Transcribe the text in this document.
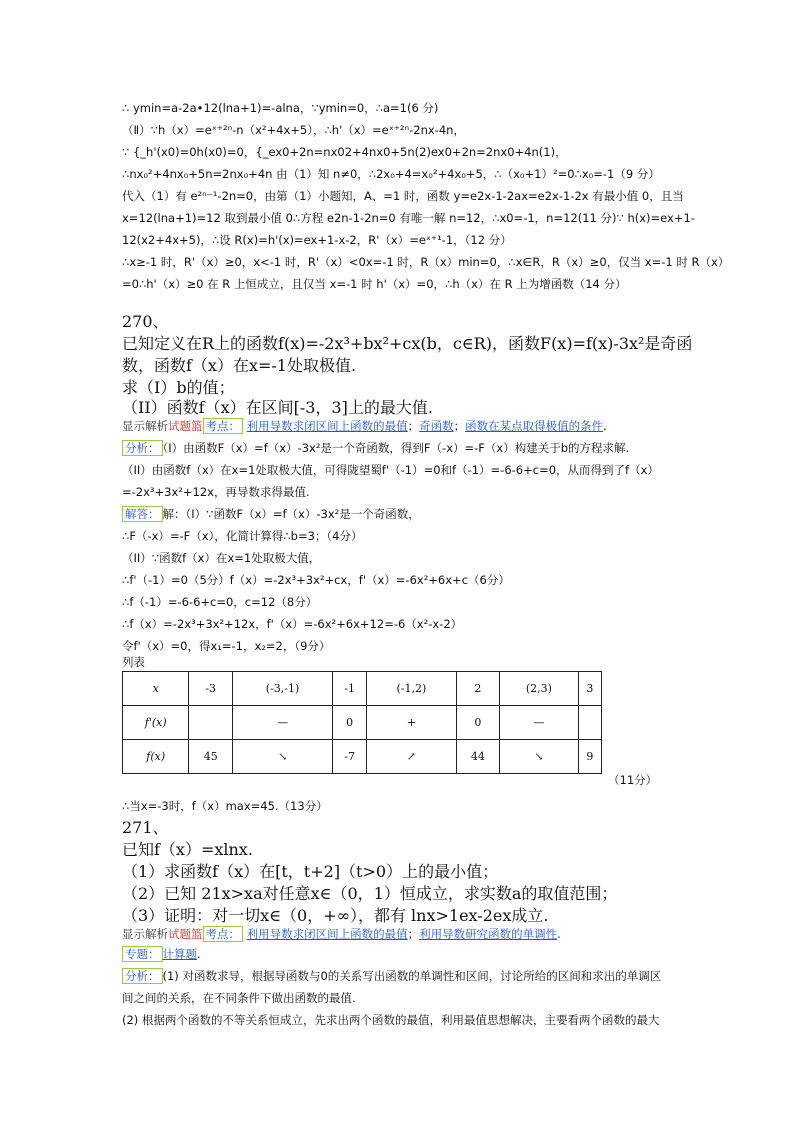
∴ ymin=a-2a•12(lna+1)=-alna，∵ymin=0，∴a=1(6 分)
（Ⅱ）∵h（x）=eˣ⁺²ⁿ-n（x²+4x+5），∴h'（x）=eˣ⁺²ⁿ-2nx-4n，
∵ {_h'(x0)=0h(x0)=0，{_ex0+2n=nx02+4nx0+5n(2)ex0+2n=2nx0+4n(1)，
∴nx₀²+4nx₀+5n=2nx₀+4n 由（1）知 n≠0，∴2x₀+4=x₀²+4x₀+5，∴（x₀+1）²=0∴x₀=-1（9 分）
代入（1）有 e²ⁿ⁻¹-2n=0，由第（1）小题知，A、=1 时，函数 y=e2x-1-2ax=e2x-1-2x 有最小值 0，且当
x=12(lna+1)=12 取到最小值 0∴方程 e2n-1-2n=0 有唯一解 n=12，∴x0=-1，n=12(11 分)∵ h(x)=ex+1-
12(x2+4x+5)，∴设 R(x)=h'(x)=ex+1-x-2，R'（x）=eˣ⁺¹-1，（12 分）
∴x≥-1 时，R'（x）≥0，x<-1 时，R'（x）<0x=-1 时，R（x）min=0，∴x∈R，R（x）≥0，仅当 x=-1 时 R（x）
=0∴h'（x）≥0 在 R 上恒成立，且仅当 x=-1 时 h'（x）=0，∴h（x）在 R 上为增函数（14 分）
270、
已知定义在R上的函数f(x)=-2x³+bx²+cx(b，c∈R)，函数F(x)=f(x)-3x²是奇函
数，函数f（x）在x=-1处取极值.
求（I）b的值；
（II）函数f（x）在区间[-3，3]上的最大值.
显示解析试题篮 考点： 利用导数求闭区间上函数的最值；奇函数；函数在某点取得极值的条件.
分析： （I）由函数F（x）=f（x）-3x²是一个奇函数，得到F（-x）=-F（x）构建关于b的方程求解.
（II）由函数f（x）在x=1处取极大值，可得陇望蜀f'（-1）=0和f（-1）=-6-6+c=0，从而得到了f（x）
=-2x³+3x²+12x，再导数求得最值.
解答： 解：（I）∵函数F（x）=f（x）-3x²是一个奇函数，
∴F（-x）=-F（x），化简计算得∴b=3；（4分）
（II）∵函数f（x）在x=1处取极大值，
∴f'（-1）=0（5分）f（x）=-2x³+3x²+cx，f'（x）=-6x²+6x+c（6分）
∴f（-1）=-6-6+c=0，c=12（8分）
∴f（x）=-2x³+3x²+12x，f'（x）=-6x²+6x+12=-6（x²-x-2）
令f'（x）=0，得x₁=-1，x₂=2，（9分）
列表
x	-3	(-3,-1)	-1	(-1,2)	2	(2,3)	3
f'(x)		—	0	+	0	—	
f(x)	45	↘	-7	↗	44	↘	9
（11分）
∴当x=-3时，f（x）max=45.（13分）
271、
已知f（x）=xlnx.
（1）求函数f（x）在[t，t+2]（t>0）上的最小值；
（2）已知 21x>xa对任意x∈（0，1）恒成立，求实数a的取值范围；
（3）证明：对一切x∈（0，+∞），都有 lnx>1ex-2ex成立.
显示解析试题篮 考点： 利用导数求闭区间上函数的最值；利用导数研究函数的单调性.
专题： 计算题.
分析： (1) 对函数求导，根据导函数与0的关系写出函数的单调性和区间，讨论所给的区间和求出的单调区
间之间的关系，在不同条件下做出函数的最值.
(2) 根据两个函数的不等关系恒成立，先求出两个函数的最值，利用最值思想解决，主要看两个函数的最大
